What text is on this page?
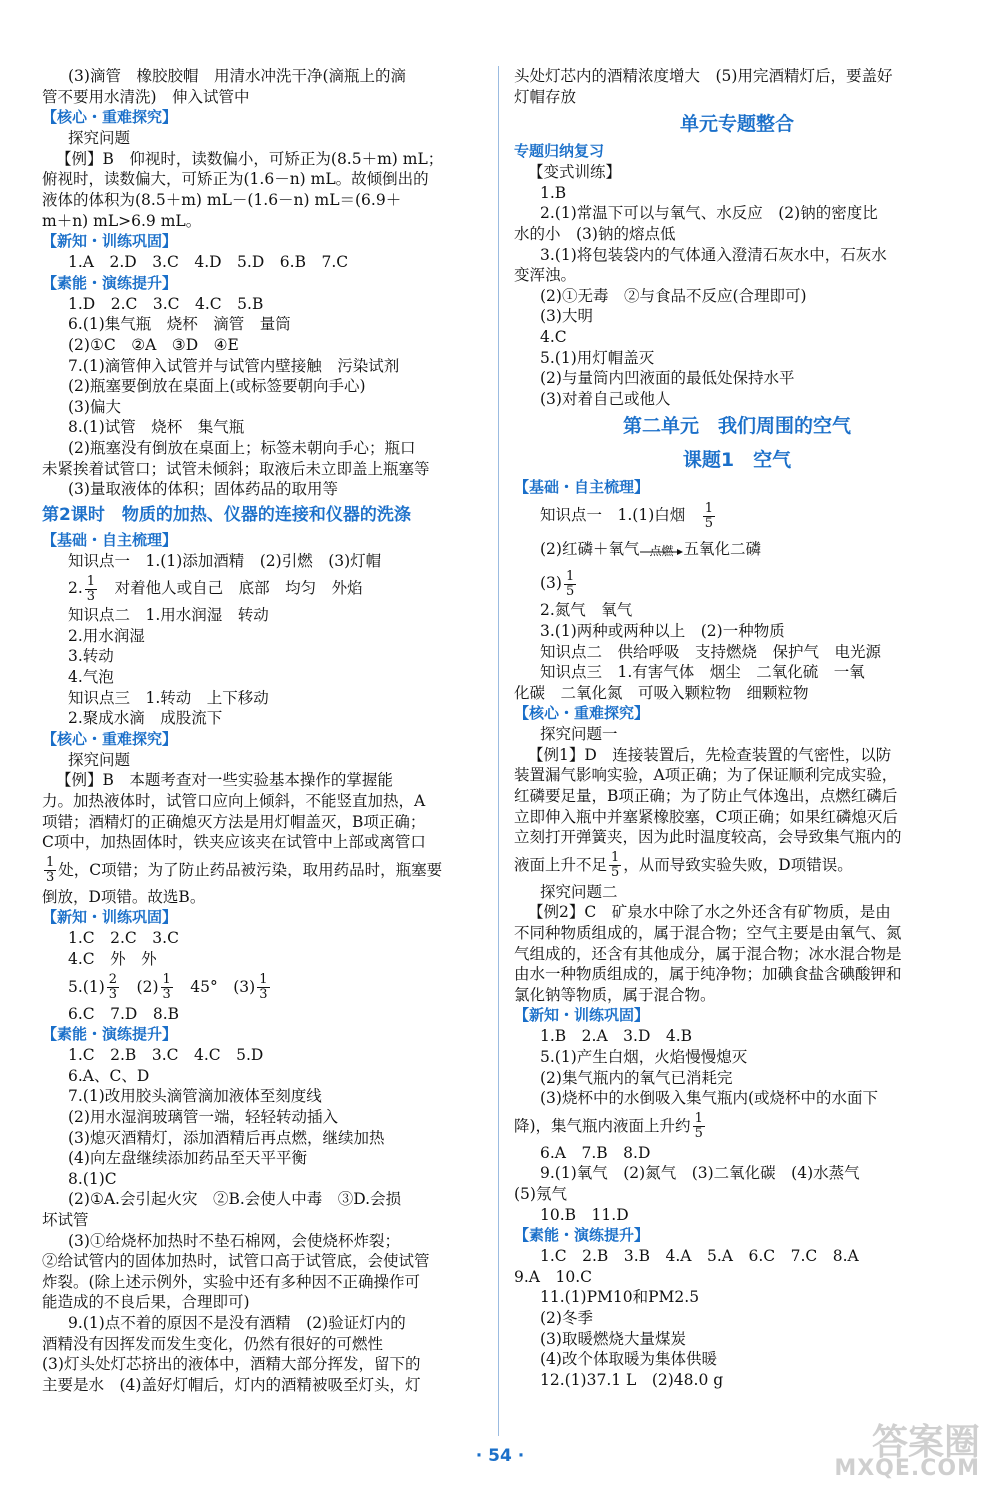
(3)滴管　橡胶胶帽　用清水冲洗干净(滴瓶上的滴
管不要用水清洗)　伸入试管中
【核心・重难探究】
探究问题
【例】B　仰视时，读数偏小，可矫正为(8.5＋m) mL；
俯视时，读数偏大，可矫正为(1.6－n) mL。故倾倒出的
液体的体积为(8.5＋m) mL－(1.6－n) mL＝(6.9＋
m＋n) mL>6.9 mL。
【新知・训练巩固】
1.A　2.D　3.C　4.D　5.D　6.B　7.C
【素能・演练提升】
1.D　2.C　3.C　4.C　5.B
6.(1)集气瓶　烧杯　滴管　量筒
(2)①C　②A　③D　④E
7.(1)滴管伸入试管并与试管内壁接触　污染试剂
(2)瓶塞要倒放在桌面上(或标签要朝向手心)
(3)偏大
8.(1)试管　烧杯　集气瓶
(2)瓶塞没有倒放在桌面上；标签未朝向手心；瓶口
未紧挨着试管口；试管未倾斜；取液后未立即盖上瓶塞等
(3)量取液体的体积；固体药品的取用等
第2课时　物质的加热、仪器的连接和仪器的洗涤
【基础・自主梳理】
知识点一　1.(1)添加酒精　(2)引燃　(3)灯帽
2. $\frac{1}{3}$ 　对着他人或自己　底部　均匀　外焰
知识点二　1.用水润湿　转动
2.用水润湿
3.转动
4.气泡
知识点三　1.转动　上下移动
2.聚成水滴　成股流下
【核心・重难探究】
探究问题
【例】B　本题考查对一些实验基本操作的掌握能
力。加热液体时，试管口应向上倾斜，不能竖直加热，A
项错；酒精灯的正确熄灭方法是用灯帽盖灭，B项正确；
C项中，加热固体时，铁夹应该夹在试管中上部或离管口
$\frac{1}{3}$ 处，C项错；为了防止药品被污染，取用药品时，瓶塞要
倒放，D项错。故选B。
【新知・训练巩固】
1.C　2.C　3.C
4.C　外　外
$5.(1) \frac{2}{3}$ 　$(2) \frac{1}{3}$ 　45°　$(3) \frac{1}{3}$
6.C　7.D　8.B
【素能・演练提升】
1.C　2.B　3.C　4.C　5.D
6.A、C、D
7.(1)改用胶头滴管滴加液体至刻度线
(2)用水湿润玻璃管一端，轻轻转动插入
(3)熄灭酒精灯，添加酒精后再点燃，继续加热
(4)向左盘继续添加药品至天平平衡
8.(1)C
(2)①A.会引起火灾　②B.会使人中毒　③D.会损
坏试管
(3)①给烧杯加热时不垫石棉网，会使烧杯炸裂；
②给试管内的固体加热时，试管口高于试管底，会使试管
炸裂。(除上述示例外，实验中还有多种因不正确操作可
能造成的不良后果，合理即可)
9.(1)点不着的原因不是没有酒精　(2)验证灯内的
酒精没有因挥发而发生变化，仍然有很好的可燃性
(3)灯头处灯芯挤出的液体中，酒精大部分挥发，留下的
主要是水　(4)盖好灯帽后，灯内的酒精被吸至灯头，灯
头处灯芯内的酒精浓度增大　(5)用完酒精灯后，要盖好
灯帽存放
单元专题整合
专题归纳复习
【变式训练】
1.B
2.(1)常温下可以与氧气、水反应　(2)钠的密度比
水的小　(3)钠的熔点低
3.(1)将包装袋内的气体通入澄清石灰水中，石灰水
变浑浊。
(2)①无毒　②与食品不反应(合理即可)
(3)大明
4.C
5.(1)用灯帽盖灭
(2)与量筒内凹液面的最低处保持水平
(3)对着自己或他人
第二单元　我们周围的空气
课题1　空气
【基础・自主梳理】
知识点一　1.(1)白烟　 $\frac{1}{5}$
(2)红磷＋氧气 点燃 五氧化二磷
$(3) \frac{1}{5}$
2.氮气　氧气
3.(1)两种或两种以上　(2)一种物质
知识点二　供给呼吸　支持燃烧　保护气　电光源
知识点三　1.有害气体　烟尘　二氧化硫　一氧
化碳　二氧化氮　可吸入颗粒物　细颗粒物
【核心・重难探究】
探究问题一
【例1】D　连接装置后，先检查装置的气密性，以防
装置漏气影响实验，A项正确；为了保证顺利完成实验，
红磷要足量，B项正确；为了防止气体逸出，点燃红磷后
立即伸入瓶中并塞紧橡胶塞，C项正确；如果红磷熄灭后
立刻打开弹簧夹，因为此时温度较高，会导致集气瓶内的
液面上升不足 $\frac{1}{5}$ ，从而导致实验失败，D项错误。
探究问题二
【例2】C　矿泉水中除了水之外还含有矿物质，是由
不同种物质组成的，属于混合物；空气主要是由氧气、氮
气组成的，还含有其他成分，属于混合物；冰水混合物是
由水一种物质组成的，属于纯净物；加碘食盐含碘酸钾和
氯化钠等物质，属于混合物。
【新知・训练巩固】
1.B　2.A　3.D　4.B
5.(1)产生白烟，火焰慢慢熄灭
(2)集气瓶内的氧气已消耗完
(3)烧杯中的水倒吸入集气瓶内(或烧杯中的水面下
降)，集气瓶内液面上升约 $\frac{1}{5}$
6.A　7.B　8.D
9.(1)氧气　(2)氮气　(3)二氧化碳　(4)水蒸气
(5)氖气
10.B　11.D
【素能・演练提升】
1.C　2.B　3.B　4.A　5.A　6.C　7.C　8.A
9.A　10.C
11.(1)PM10和PM2.5
(2)冬季
(3)取暖燃烧大量煤炭
(4)改个体取暖为集体供暖
12.(1)37.1 L　(2)48.0 g
· 54 ·	答案圈
MXQE.COM
